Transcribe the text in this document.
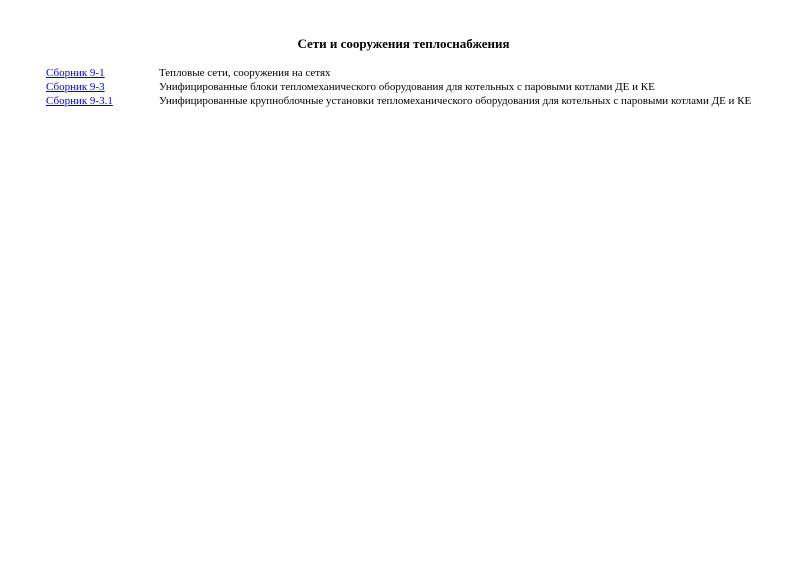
Сети и сооружения теплоснабжения
Сборник 9-1	Тепловые сети, сооружения на сетях
Сборник 9-3	Унифицированные блоки тепломеханического оборудования для котельных с паровыми котлами ДЕ и КЕ
Сборник 9-3.1	Унифицированные крупноблочные установки тепломеханического оборудования для котельных с паровыми котлами ДЕ и КЕ
